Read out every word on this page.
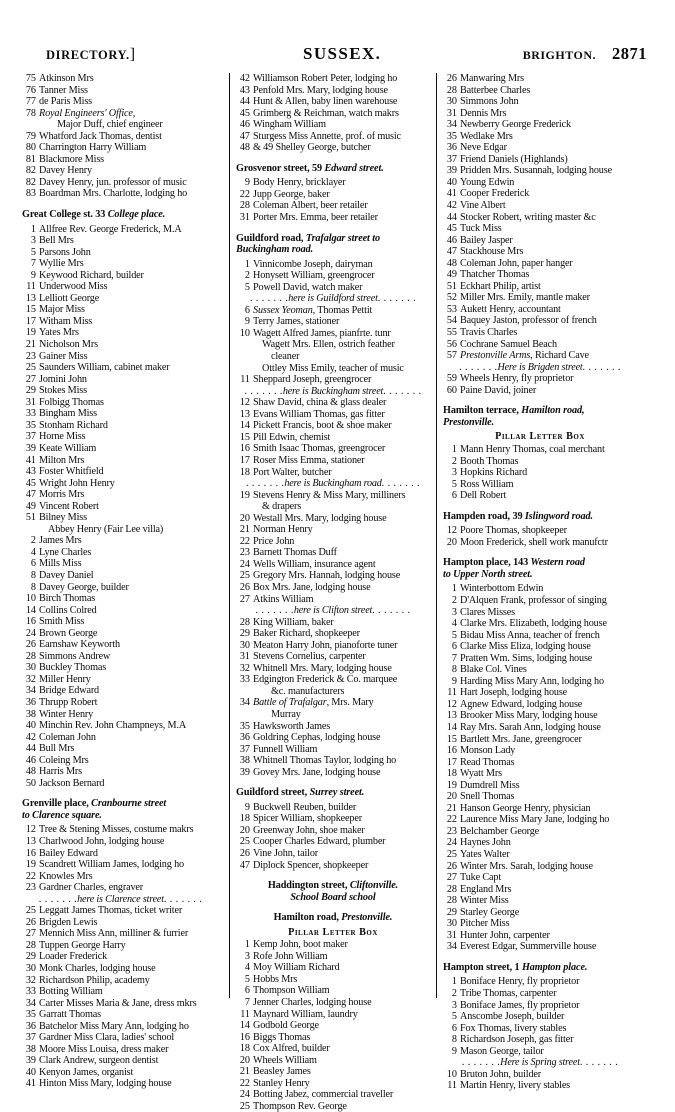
DIRECTORY.]	SUSSEX.	BRIGHTON. 2871
75 Atkinson Mrs
76 Tanner Miss
77 de Paris Miss
78 Royal Engineers' Office,
Major Duff, chief engineer
79 Whatford Jack Thomas, dentist
80 Charrington Harry William
81 Blackmore Miss
82 Davey Henry
82 Davey Henry, jun. professor of music
83 Boardman Mrs. Charlotte, lodging ho
Great College st. 33 College place.
1 Allfree Rev. George Frederick, M.A
3 Bell Mrs
5 Parsons John
7 Wyllie Mrs
9 Keywood Richard, builder
11 Underwood Miss
13 Lelliott George
15 Major Miss
17 Witham Miss
19 Yates Mrs
21 Nicholson Mrs
23 Gainer Miss
25 Saunders William, cabinet maker
27 Jomini John
29 Stokes Miss
31 Folbigg Thomas
33 Bingham Miss
35 Stonham Richard
37 Horne Miss
39 Keate William
41 Milton Mrs
43 Foster Whitfield
45 Wright John Henry
47 Morris Mrs
49 Vincent Robert
51 Bilney Miss
Abbey Henry (Fair Lee villa)
2 James Mrs
4 Lyne Charles
6 Mills Miss
8 Davey Daniel
8 Davey George, builder
10 Birch Thomas
14 Collins Colred
16 Smith Miss
24 Brown George
26 Earnshaw Keyworth
28 Simmons Andrew
30 Buckley Thomas
32 Miller Henry
34 Bridge Edward
36 Thrupp Robert
38 Winter Henry
40 Minchin Rev. John Champneys, M.A
42 Coleman John
44 Bull Mrs
46 Coleing Mrs
48 Harris Mrs
50 Jackson Bernard
Grenville place, Cranbourne street
to Clarence square.
12 Tree & Stening Misses, costume makrs
13 Charlwood John, lodging house
16 Bailey Edward
19 Scandrett William James, lodging ho
22 Knowles Mrs
23 Gardner Charles, engraver
. . . . . . .here is Clarence street. . . . . . .
25 Leggatt James Thomas, ticket writer
26 Brigden Lewis
27 Mennich Miss Ann, milliner & furrier
28 Tuppen George Harry
29 Loader Frederick
30 Monk Charles, lodging house
32 Richardson Philip, academy
33 Botting William
34 Carter Misses Maria & Jane, dress mkrs
35 Garratt Thomas
36 Batchelor Miss Mary Ann, lodging ho
37 Gardner Miss Clara, ladies' school
38 Moore Miss Louisa, dress maker
39 Clark Andrew, surgeon dentist
40 Kenyon James, organist
41 Hinton Miss Mary, lodging house
42 Williamson Robert Peter, lodging ho
43 Penfold Mrs. Mary, lodging house
44 Hunt & Allen, baby linen warehouse
45 Grimberg & Reichman, watch makrs
46 Wingham William
47 Sturgess Miss Annette, prof. of music
48 & 49 Shelley George, butcher
Grosvenor street, 59 Edward street.
9 Body Henry, bricklayer
22 Jupp George, baker
28 Coleman Albert, beer retailer
31 Porter Mrs. Emma, beer retailer
Guildford road, Trafalgar street to
Buckingham road.
1 Vinnicombe Joseph, dairyman
2 Honysett William, greengrocer
5 Powell David, watch maker
. . . . . . .here is Guildford street. . . . . . .
6 Sussex Yeoman, Thomas Pettit
9 Terry James, stationer
10 Wagett Alfred James, pianfrte. tunr
Wagett Mrs. Ellen, ostrich feather
cleaner
Ottley Miss Emily, teacher of music
11 Sheppard Joseph, greengrocer
. . . . . . .here is Buckingham street. . . . . . .
12 Shaw David, china & glass dealer
13 Evans William Thomas, gas fitter
14 Pickett Francis, boot & shoe maker
15 Pill Edwin, chemist
16 Smith Isaac Thomas, greengrocer
17 Roser Miss Emma, stationer
18 Port Walter, butcher
. . . . . . .here is Buckingham road. . . . . . .
19 Stevens Henry & Miss Mary, milliners
& drapers
20 Westall Mrs. Mary, lodging house
21 Norman Henry
22 Price John
23 Barnett Thomas Duff
24 Wells William, insurance agent
25 Gregory Mrs. Hannah, lodging house
26 Box Mrs. Jane, lodging house
27 Atkins William
. . . . . . .here is Clifton street. . . . . . .
28 King William, baker
29 Baker Richard, shopkeeper
30 Meaton Harry John, pianoforte tuner
31 Stevens Cornelius, carpenter
32 Whitnell Mrs. Mary, lodging house
33 Edgington Frederick & Co. marquee
&c. manufacturers
34 Battle of Trafalgar, Mrs. Mary
Murray
35 Hawksworth James
36 Goldring Cephas, lodging house
37 Funnell William
38 Whitnell Thomas Taylor, lodging ho
39 Govey Mrs. Jane, lodging house
Guildford street, Surrey street.
9 Buckwell Reuben, builder
18 Spicer William, shopkeeper
20 Greenway John, shoe maker
25 Cooper Charles Edward, plumber
26 Vine John, tailor
47 Diplock Spencer, shopkeeper
Haddington street, Cliftonville.
School Board school
Hamilton road, Prestonville.
Pillar Letter Box
1 Kemp John, boot maker
3 Rofe John William
4 Moy William Richard
5 Hobbs Mrs
6 Thompson William
7 Jenner Charles, lodging house
11 Maynard William, laundry
14 Godbold George
16 Biggs Thomas
18 Cox Alfred, builder
20 Wheels William
21 Beasley James
22 Stanley Henry
24 Botting Jabez, commercial traveller
25 Thompson Rev. George
26 Manwaring Mrs
28 Batterbee Charles
30 Simmons John
31 Dennis Mrs
34 Newberry George Frederick
35 Wedlake Mrs
36 Neve Edgar
37 Friend Daniels (Highlands)
39 Pridden Mrs. Susannah, lodging house
40 Young Edwin
41 Cooper Frederick
42 Vine Albert
44 Stocker Robert, writing master &c
45 Tuck Miss
46 Bailey Jasper
47 Stackhouse Mrs
48 Coleman John, paper hanger
49 Thatcher Thomas
51 Eckhart Philip, artist
52 Miller Mrs. Emily, mantle maker
53 Aukett Henry, accountant
54 Baquey Jaston, professor of french
55 Travis Charles
56 Cochrane Samuel Beach
57 Prestonville Arms, Richard Cave
. . . . . . .Here is Brigden street. . . . . . .
59 Wheels Henry, fly proprietor
60 Paine David, joiner
Hamilton terrace, Hamilton road,
Prestonville.
Pillar Letter Box
1 Mann Henry Thomas, coal merchant
2 Booth Thomas
3 Hopkins Richard
5 Ross William
6 Dell Robert
Hampden road, 39 Islingword road.
12 Poore Thomas, shopkeeper
20 Moon Frederick, shell work manufctr
Hampton place, 143 Western road
to Upper North street.
1 Winterbottom Edwin
2 D'Alquen Frank, professor of singing
3 Clares Misses
4 Clarke Mrs. Elizabeth, lodging house
5 Bidau Miss Anna, teacher of french
6 Clarke Miss Eliza, lodging house
7 Pratten Wm. Sims, lodging house
8 Blake Col. Vines
9 Harding Miss Mary Ann, lodging ho
11 Hart Joseph, lodging house
12 Agnew Edward, lodging house
13 Brooker Miss Mary, lodging house
14 Ray Mrs. Sarah Ann, lodging house
15 Bartlett Mrs. Jane, greengrocer
16 Monson Lady
17 Read Thomas
18 Wyatt Mrs
19 Dumdrell Miss
20 Snell Thomas
21 Hanson George Henry, physician
22 Laurence Miss Mary Jane, lodging ho
23 Belchamber George
24 Haynes John
25 Yates Walter
26 Winter Mrs. Sarah, lodging house
27 Tuke Capt
28 England Mrs
28 Winter Miss
29 Starley George
30 Pitcher Miss
31 Hunter John, carpenter
34 Everest Edgar, Summerville house
Hampton street, 1 Hampton place.
1 Boniface Henry, fly proprietor
2 Tribe Thomas, carpenter
3 Boniface James, fly proprietor
5 Anscombe Joseph, builder
6 Fox Thomas, livery stables
8 Richardson Joseph, gas fitter
9 Mason George, tailor
. . . . . . .Here is Spring street. . . . . . .
10 Bruton John, builder
11 Martin Henry, livery stables
